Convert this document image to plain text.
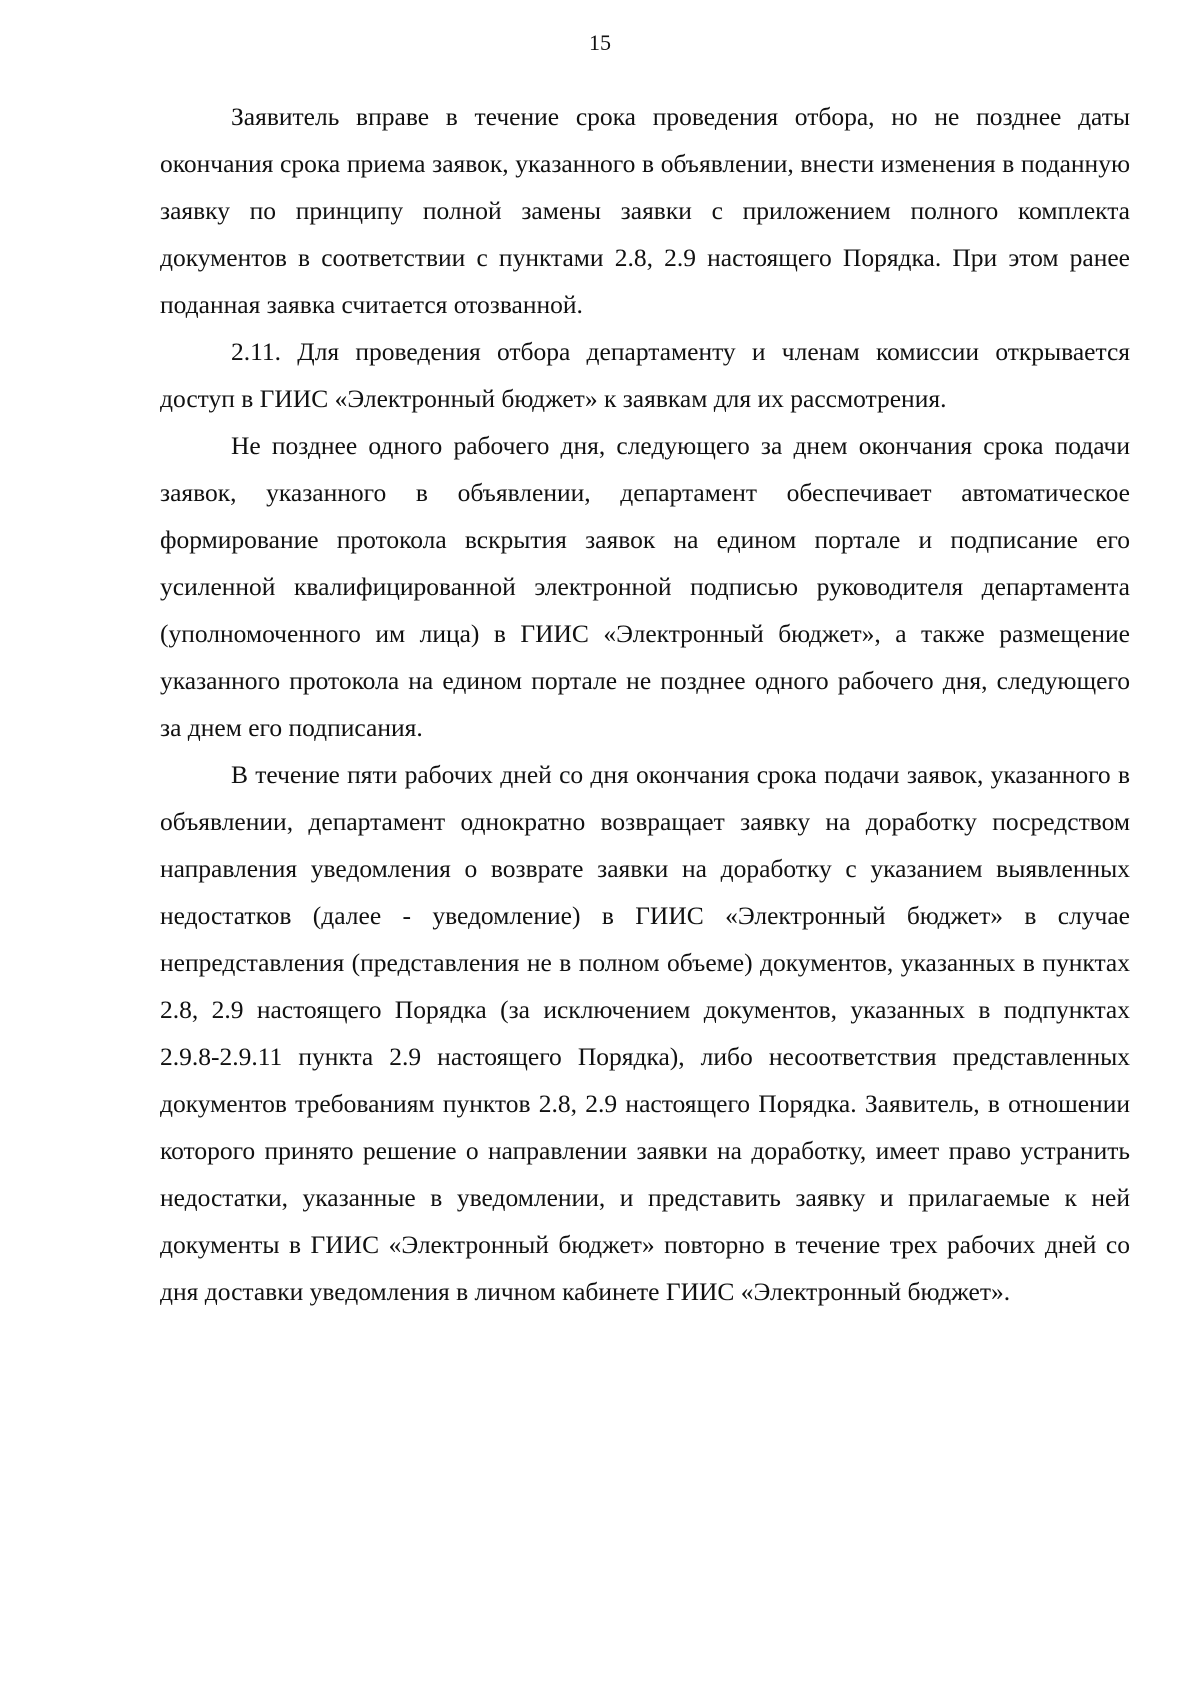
15

Заявитель вправе в течение срока проведения отбора, но не позднее даты окончания срока приема заявок, указанного в объявлении, внести изменения в поданную заявку по принципу полной замены заявки с приложением полного комплекта документов в соответствии с пунктами 2.8, 2.9 настоящего Порядка. При этом ранее поданная заявка считается отозванной.

2.11. Для проведения отбора департаменту и членам комиссии открывается доступ в ГИИС «Электронный бюджет» к заявкам для их рассмотрения.

Не позднее одного рабочего дня, следующего за днем окончания срока подачи заявок, указанного в объявлении, департамент обеспечивает автоматическое формирование протокола вскрытия заявок на едином портале и подписание его усиленной квалифицированной электронной подписью руководителя департамента (уполномоченного им лица) в ГИИС «Электронный бюджет», а также размещение указанного протокола на едином портале не позднее одного рабочего дня, следующего за днем его подписания.

В течение пяти рабочих дней со дня окончания срока подачи заявок, указанного в объявлении, департамент однократно возвращает заявку на доработку посредством направления уведомления о возврате заявки на доработку с указанием выявленных недостатков (далее - уведомление) в ГИИС «Электронный бюджет» в случае непредставления (представления не в полном объеме) документов, указанных в пунктах 2.8, 2.9 настоящего Порядка (за исключением документов, указанных в подпунктах 2.9.8-2.9.11 пункта 2.9 настоящего Порядка), либо несоответствия представленных документов требованиям пунктов 2.8, 2.9 настоящего Порядка. Заявитель, в отношении которого принято решение о направлении заявки на доработку, имеет право устранить недостатки, указанные в уведомлении, и представить заявку и прилагаемые к ней документы в ГИИС «Электронный бюджет» повторно в течение трех рабочих дней со дня доставки уведомления в личном кабинете ГИИС «Электронный бюджет».
